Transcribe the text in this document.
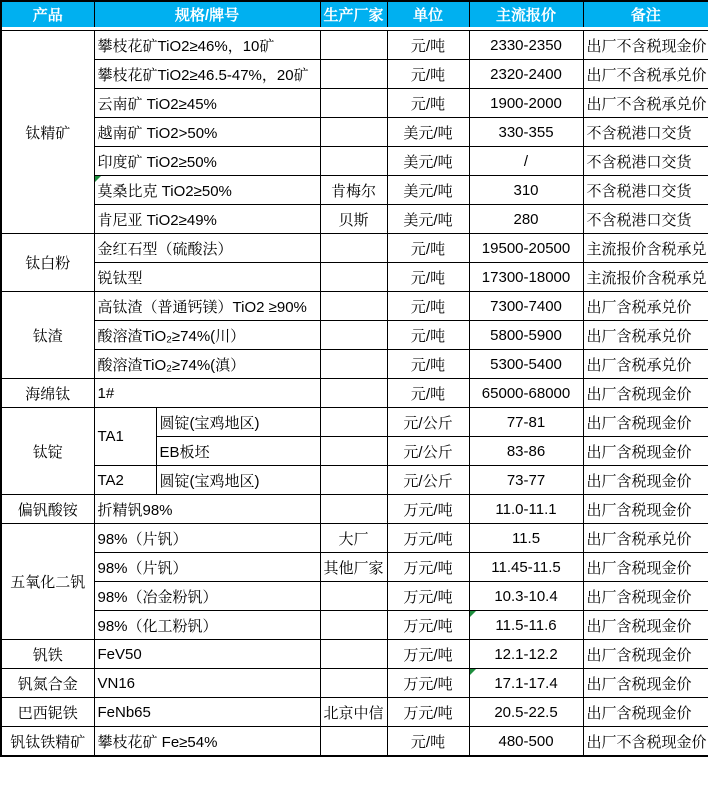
产品	规格/牌号		生产厂家	单位	主流报价	备注

钛精矿	攀枝花矿TiO2≥46%，10矿			元/吨	2330-2350	出厂不含税现金价
	攀枝花矿TiO2≥46.5-47%，20矿			元/吨	2320-2400	出厂不含税承兑价
	云南矿 TiO2≥45%			元/吨	1900-2000	出厂不含税承兑价
	越南矿 TiO2>50%			美元/吨	330-355	不含税港口交货
	印度矿 TiO2≥50%			美元/吨	/	不含税港口交货
	莫桑比克 TiO2≥50%		肯梅尔	美元/吨	310	不含税港口交货
	肯尼亚 TiO2≥49%		贝斯	美元/吨	280	不含税港口交货
钛白粉	金红石型（硫酸法）			元/吨	19500-20500	主流报价含税承兑
	锐钛型			元/吨	17300-18000	主流报价含税承兑
钛渣	高钛渣（普通钙镁）TiO2 ≥90%			元/吨	7300-7400	出厂含税承兑价
	酸溶渣TiO₂≥74%(川）			元/吨	5800-5900	出厂含税承兑价
	酸溶渣TiO₂≥74%(滇）			元/吨	5300-5400	出厂含税承兑价
海绵钛	1#			元/吨	65000-68000	出厂含税现金价
钛锭	TA1	圆锭(宝鸡地区)		元/公斤	77-81	出厂含税现金价
		EB板坯		元/公斤	83-86	出厂含税现金价
	TA2	圆锭(宝鸡地区)		元/公斤	73-77	出厂含税现金价
偏钒酸铵	折精钒98%			万元/吨	11.0-11.1	出厂含税现金价
五氧化二钒	98%（片钒）		大厂	万元/吨	11.5	出厂含税承兑价
	98%（片钒）		其他厂家	万元/吨	11.45-11.5	出厂含税现金价
	98%（冶金粉钒）			万元/吨	10.3-10.4	出厂含税现金价
	98%（化工粉钒）			万元/吨	11.5-11.6	出厂含税现金价
钒铁	FeV50			万元/吨	12.1-12.2	出厂含税现金价
钒氮合金	VN16			万元/吨	17.1-17.4	出厂含税现金价
巴西铌铁	FeNb65		北京中信	万元/吨	20.5-22.5	出厂含税现金价
钒钛铁精矿	攀枝花矿 Fe≥54%			元/吨	480-500	出厂不含税现金价
